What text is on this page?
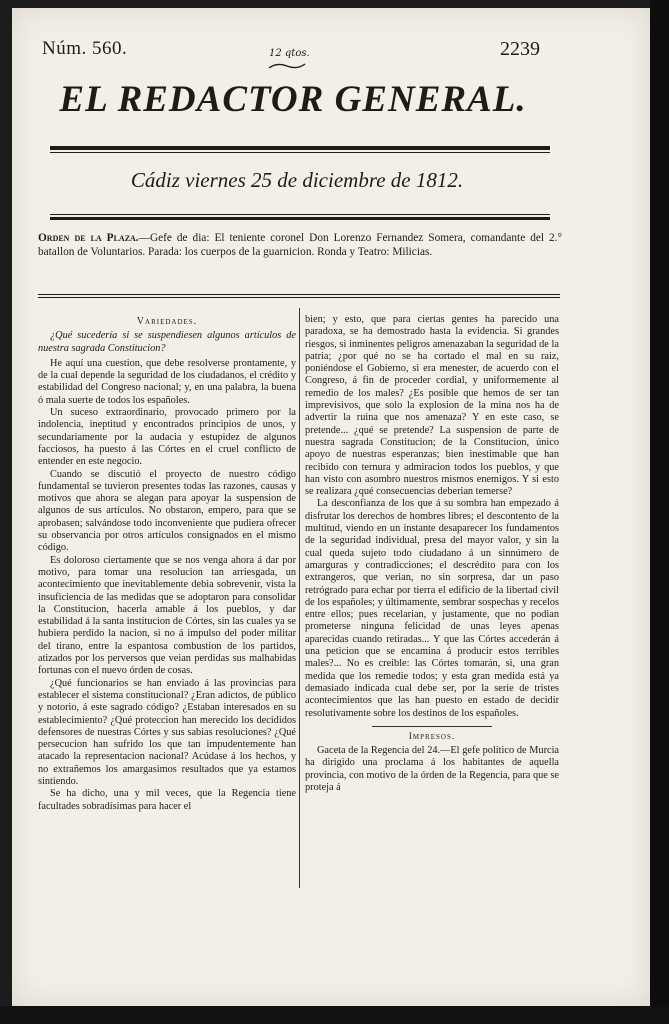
Núm. 560.	12 qtos.	2239
EL REDACTOR GENERAL.
Cádiz viernes 25 de diciembre de 1812.
Orden de la Plaza.—Gefe de dia: El teniente coronel Don Lorenzo Fernandez Somera, comandante del 2.° batallon de Voluntarios. Parada: los cuerpos de la guarnicion. Ronda y Teatro: Milicias.

Variedades.

¿Qué sucedería si se suspendiesen algunos artículos de nuestra sagrada Constitucion?

He aquí una cuestion, que debe resolverse prontamente, y de la cual depende la seguridad de los ciudadanos, el crédito y estabilidad del Congreso nacional; y, en una palabra, la buena ó mala suerte de todos los españoles.

Un suceso extraordinario, provocado primero por la indolencia, ineptitud y encontrados principios de unos, y secundariamente por la audacia y estupidez de algunos facciosos, ha puesto á las Córtes en el cruel conflicto de entender en este negocio.

Cuando se discutió el proyecto de nuestro código fundamental se tuvieron presentes todas las razones, causas y motivos que ahora se alegan para apoyar la suspension de algunos de sus artículos. No obstaron, empero, para que se aprobasen; salvándose todo inconveniente que pudiera ofrecer su observancia por otros artículos consignados en el mismo código.

Es doloroso ciertamente que se nos venga ahora á dar por motivo, para tomar una resolucion tan arriesgada, un acontecimiento que inevitablemente debia sobrevenir, vista la insuficiencia de las medidas que se adoptaron para consolidar la Constitucion, hacerla amable á los pueblos, y dar estabilidad á la santa institucion de Córtes, sin las cuales ya se hubiera perdido la nacion, si no á impulso del poder militar del tirano, entre la espantosa combustion de los partidos, atizados por los perversos que veian perdidas sus malhabidas fortunas con el nuevo órden de cosas.

¿Qué funcionarios se han enviado á las provincias para establecer el sistema constitucional? ¿Eran adictos, de público y notorio, á este sagrado código? ¿Estaban interesados en su establecimiento? ¿Qué proteccion han merecido los decididos defensores de nuestras Córtes y sus sabias resoluciones? ¿Qué persecucion han sufrido los que tan impudentemente han atacado la representacion nacional? Acúdase á los hechos, y no extrañemos los amargasimos resultados que ya estamos sintiendo.

Se ha dicho, una y mil veces, que la Regencia tiene facultades sobradísimas para hacer el

bien; y esto, que para ciertas gentes ha parecido una paradoxa, se ha demostrado hasta la evidencia. Si grandes riesgos, si inminentes peligros amenazaban la seguridad de la patria; ¿por qué no se ha cortado el mal en su raiz, poniéndose el Gobierno, si era menester, de acuerdo con el Congreso, á fin de proceder cordial, y uniformemente al remedio de los males? ¿Es posible que hemos de ser tan imprevisivos, que solo la explosion de la mina nos ha de advertir la ruina que nos amenaza? Y en este caso, se pretende... ¿qué se pretende? La suspension de parte de nuestra sagrada Constitucion; de la Constitucion, único apoyo de nuestras esperanzas; bien inestimable que han recibido con ternura y admiracion todos los pueblos, y que han visto con asombro nuestros mismos enemigos. Y si esto se realizara ¿qué consecuencias deberian temerse?

La desconfianza de los que á su sombra han empezado á disfrutar los derechos de hombres libres; el descontento de la multitud, viendo en un instante desaparecer los fundamentos de la seguridad individual, presa del mayor valor, y sin la cual queda sujeto todo ciudadano á un sinnúmero de amarguras y contradicciones; el descrédito para con los extrangeros, que verian, no sin sorpresa, dar un paso retrógrado para echar por tierra el edificio de la libertad civil de los españoles; y últimamente, sembrar sospechas y recelos entre ellos; pues recelarian, y justamente, que no podian prometerse ninguna felicidad de unas leyes apenas aparecidas cuando retiradas... Y que las Córtes accederán á una peticion que se encamina á producir estos terribles males?... No es creible: las Córtes tomarán, si, una gran medida que los remedie todos; y esta gran medida está ya demasiado indicada cual debe ser, por la serie de tristes acontecimientos que las han puesto en estado de decidir resolutivamente sobre los destinos de los españoles.

Impresos.

Gaceta de la Regencia del 24.—El gefe político de Murcia ha dirigido una proclama á los habitantes de aquella provincia, con motivo de la órden de la Regencia, para que se proteja á
